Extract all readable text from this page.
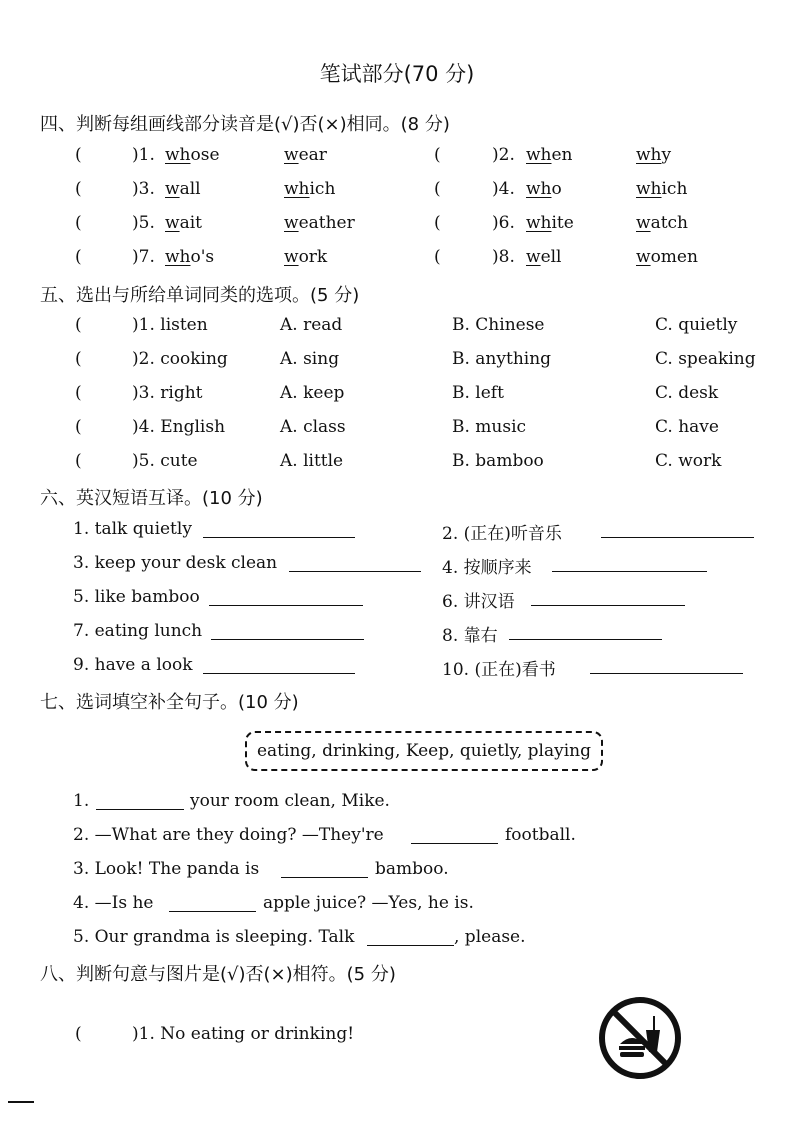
笔试部分(70 分)
四、判断每组画线部分读音是(√)否(×)相同。(8 分)
(	)1. whose	wear	(	)2. when	why
(	)3. wall	which	(	)4. who	which
(	)5. wait	weather	(	)6. white	watch
(	)7. who's	work	(	)8. well	women
五、选出与所给单词同类的选项。(5 分)
(	)1. listen	A. read	B. Chinese	C. quietly
(	)2. cooking	A. sing	B. anything	C. speaking
(	)3. right	A. keep	B. left	C. desk
(	)4. English	A. class	B. music	C. have
(	)5. cute	A. little	B. bamboo	C. work
六、英汉短语互译。(10 分)
1. talk quietly	2. (正在)听音乐
3. keep your desk clean	4. 按顺序来
5. like bamboo	6. 讲汉语
7. eating lunch	8. 靠右
9. have a look	10. (正在)看书
七、选词填空补全句子。(10 分)
eating, drinking, Keep, quietly, playing
1.	your room clean, Mike.
2. —What are they doing? —They're	football.
3. Look! The panda is	bamboo.
4. —Is he	apple juice? —Yes, he is.
5. Our grandma is sleeping. Talk	, please.
八、判断句意与图片是(√)否(×)相符。(5 分)
(	)1. No eating or drinking!
